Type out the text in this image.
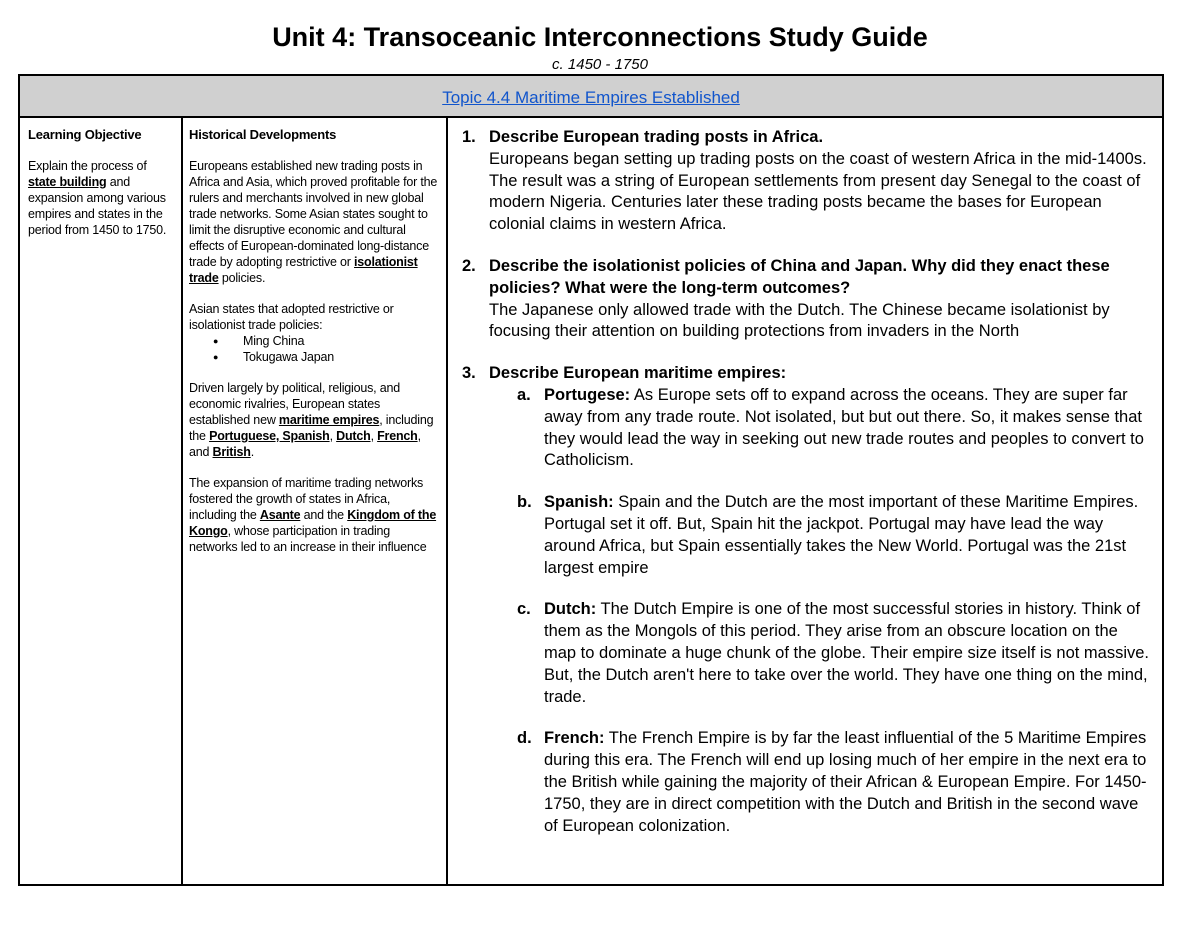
Unit 4: Transoceanic Interconnections Study Guide
c. 1450 - 1750
Topic 4.4 Maritime Empires Established
Learning Objective
Explain the process of state building and expansion among various empires and states in the period from 1450 to 1750.
Historical Developments
Europeans established new trading posts in Africa and Asia, which proved profitable for the rulers and merchants involved in new global trade networks. Some Asian states sought to limit the disruptive economic and cultural effects of European-dominated long-distance trade by adopting restrictive or isolationist trade policies.
Asian states that adopted restrictive or isolationist trade policies:
● Ming China
● Tokugawa Japan
Driven largely by political, religious, and economic rivalries, European states established new maritime empires, including the Portuguese, Spanish, Dutch, French, and British.
The expansion of maritime trading networks fostered the growth of states in Africa, including the Asante and the Kingdom of the Kongo, whose participation in trading networks led to an increase in their influence
1. Describe European trading posts in Africa.
Europeans began setting up trading posts on the coast of western Africa in the mid-1400s. The result was a string of European settlements from present day Senegal to the coast of modern Nigeria. Centuries later these trading posts became the bases for European colonial claims in western Africa.
2. Describe the isolationist policies of China and Japan. Why did they enact these policies? What were the long-term outcomes?
The Japanese only allowed trade with the Dutch. The Chinese became isolationist by focusing their attention on building protections from invaders in the North
3. Describe European maritime empires:
a. Portugese: As Europe sets off to expand across the oceans. They are super far away from any trade route. Not isolated, but but out there. So, it makes sense that they would lead the way in seeking out new trade routes and peoples to convert to Catholicism.
b. Spanish: Spain and the Dutch are the most important of these Maritime Empires. Portugal set it off. But, Spain hit the jackpot. Portugal may have lead the way around Africa, but Spain essentially takes the New World. Portugal was the 21st largest empire
c. Dutch: The Dutch Empire is one of the most successful stories in history. Think of them as the Mongols of this period. They arise from an obscure location on the map to dominate a huge chunk of the globe. Their empire size itself is not massive. But, the Dutch aren't here to take over the world. They have one thing on the mind, trade.
d. French: The French Empire is by far the least influential of the 5 Maritime Empires during this era. The French will end up losing much of her empire in the next era to the British while gaining the majority of their African & European Empire. For 1450-1750, they are in direct competition with the Dutch and British in the second wave of European colonization.
